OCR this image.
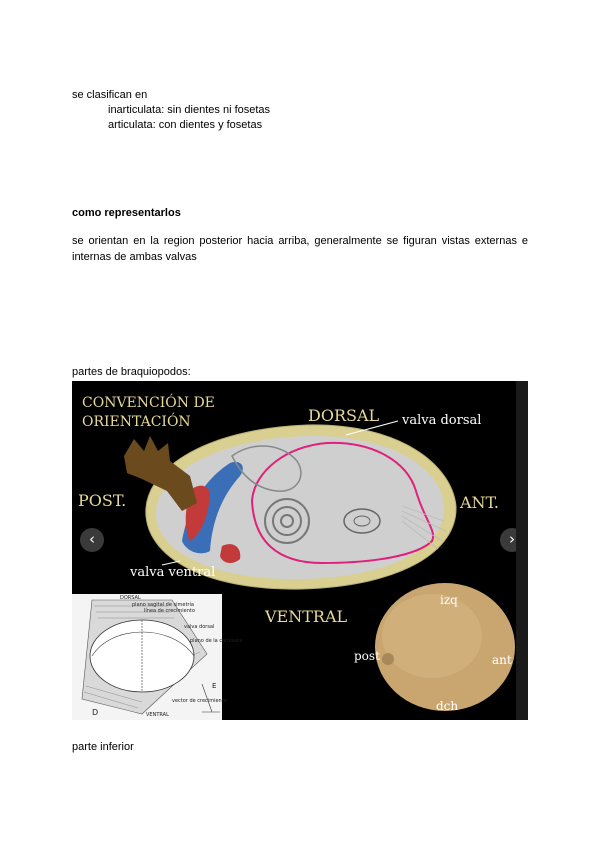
se clasifican en
inarticulata: sin dientes ni fosetas
articulata: con dientes y fosetas
como representarlos
se orientan en la region posterior hacia arriba, generalmente se figuran vistas externas e internas de ambas valvas
partes de braquiopodos:
CONVENCIÓN DE
ORIENTACIÓN	DORSAL valva dorsal
POST.	ANT.
valva ventral
VENTRAL
izq
post	ant
dch
‹	›
DORSAL
plano sagital de simetría
línea de crecimiento
valva dorsal
plano de la comisura
vector de crecimiento
VENTRAL
D
E
parte inferior
